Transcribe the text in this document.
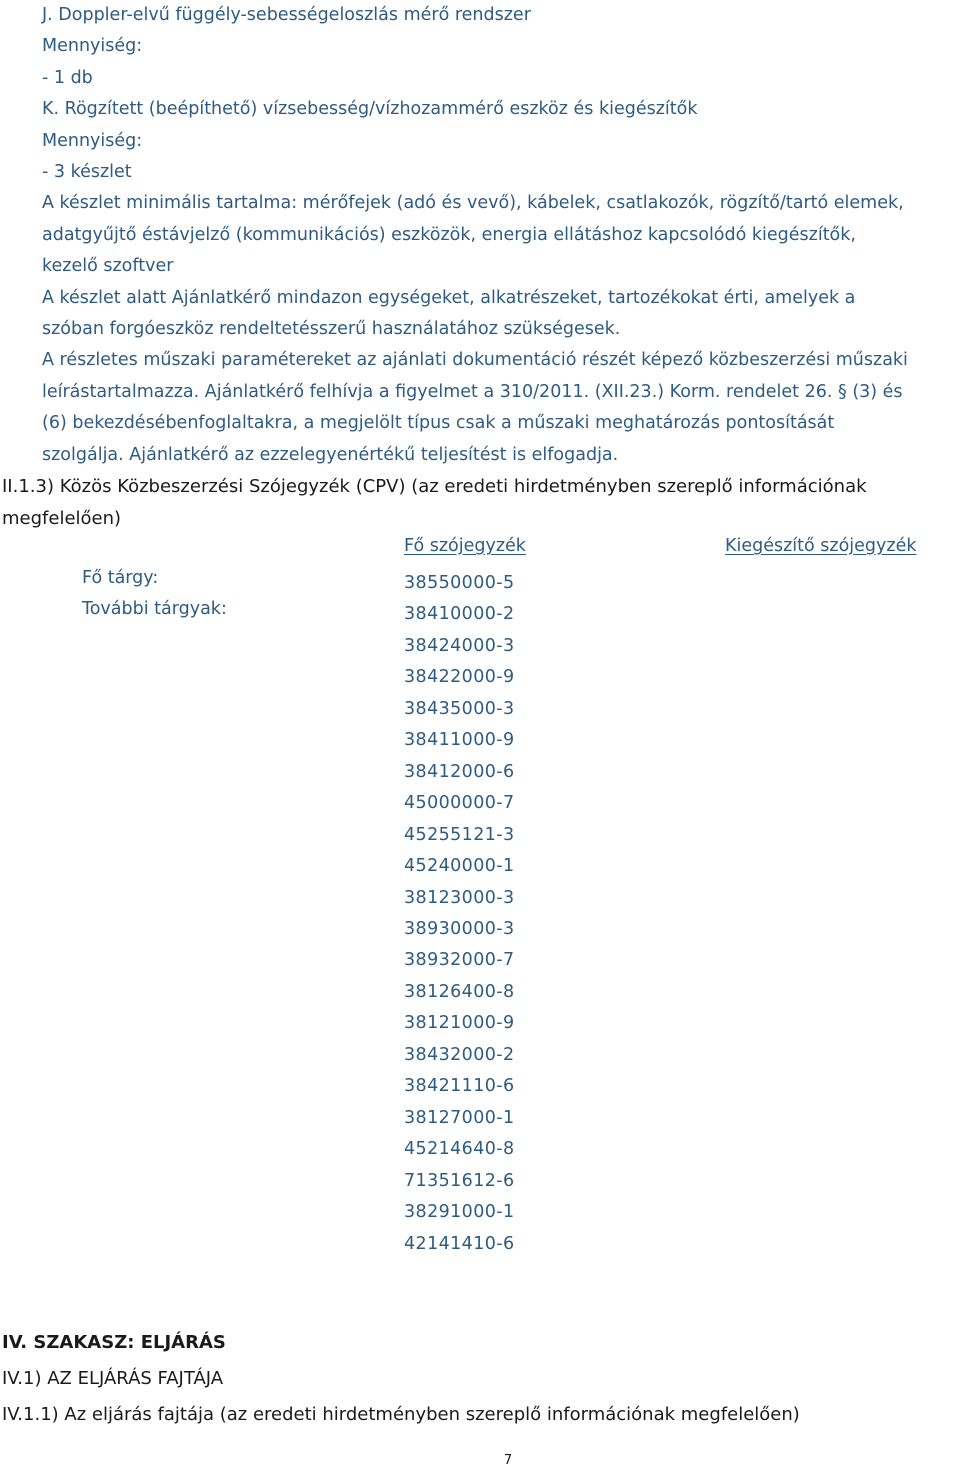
J. Doppler-elvű függély-sebességeloszlás mérő rendszer
Mennyiség:
- 1 db
K. Rögzített (beépíthető) vízsebesség/vízhozammérő eszköz és kiegészítők
Mennyiség:
- 3 készlet
A készlet minimális tartalma: mérőfejek (adó és vevő), kábelek, csatlakozók, rögzítő/tartó elemek,
adatgyűjtő éstávjelző (kommunikációs) eszközök, energia ellátáshoz kapcsolódó kiegészítők,
kezelő szoftver
A készlet alatt Ajánlatkérő mindazon egységeket, alkatrészeket, tartozékokat érti, amelyek a
szóban forgóeszköz rendeltetésszerű használatához szükségesek.
A részletes műszaki paramétereket az ajánlati dokumentáció részét képező közbeszerzési műszaki
leírástartalmazza. Ajánlatkérő felhívja a figyelmet a 310/2011. (XII.23.) Korm. rendelet 26. § (3) és
(6) bekezdésébenfoglaltakra, a megjelölt típus csak a műszaki meghatározás pontosítását
szolgálja. Ajánlatkérő az ezzelegyenértékű teljesítést is elfogadja.
II.1.3) Közös Közbeszerzési Szójegyzék (CPV) (az eredeti hirdetményben szereplő információnak
megfelelően)
Fő szójegyzék	Kiegészítő szójegyzék
Fő tárgy:
További tárgyak:
38550000-5
38410000-2
38424000-3
38422000-9
38435000-3
38411000-9
38412000-6
45000000-7
45255121-3
45240000-1
38123000-3
38930000-3
38932000-7
38126400-8
38121000-9
38432000-2
38421110-6
38127000-1
45214640-8
71351612-6
38291000-1
42141410-6
IV. SZAKASZ: ELJÁRÁS
IV.1) AZ ELJÁRÁS FAJTÁJA
IV.1.1) Az eljárás fajtája (az eredeti hirdetményben szereplő információnak megfelelően)
7
